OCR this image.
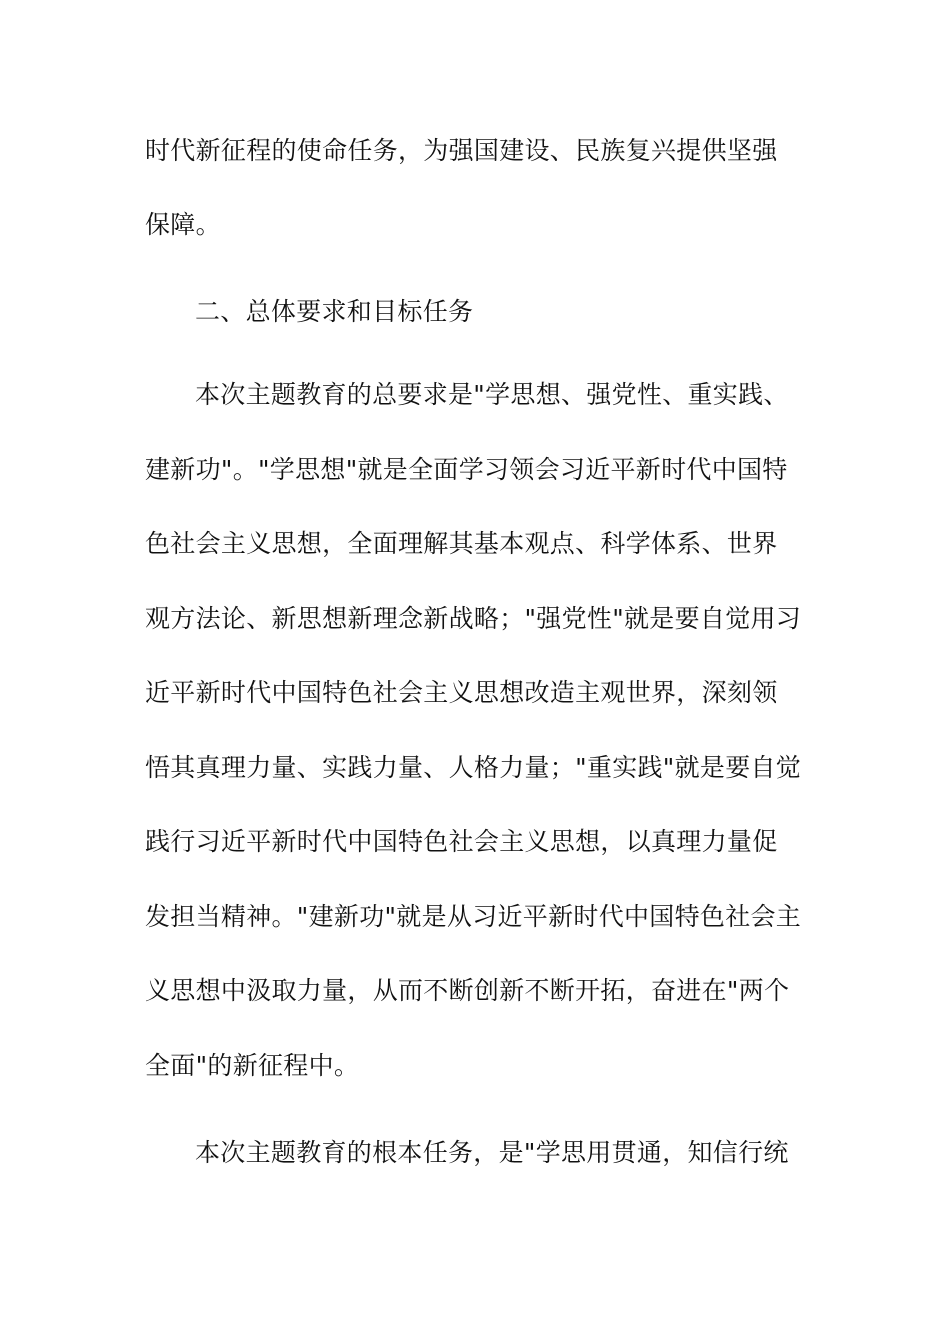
时代新征程的使命任务，为强国建设、民族复兴提供坚强
保障。
二、总体要求和目标任务
本次主题教育的总要求是"学思想、强党性、重实践、
建新功"。"学思想"就是全面学习领会习近平新时代中国特
色社会主义思想，全面理解其基本观点、科学体系、世界
观方法论、新思想新理念新战略；"强党性"就是要自觉用习
近平新时代中国特色社会主义思想改造主观世界，深刻领
悟其真理力量、实践力量、人格力量；"重实践"就是要自觉
践行习近平新时代中国特色社会主义思想，以真理力量促
发担当精神。"建新功"就是从习近平新时代中国特色社会主
义思想中汲取力量，从而不断创新不断开拓，奋进在"两个
全面"的新征程中。
本次主题教育的根本任务，是"学思用贯通，知信行统
